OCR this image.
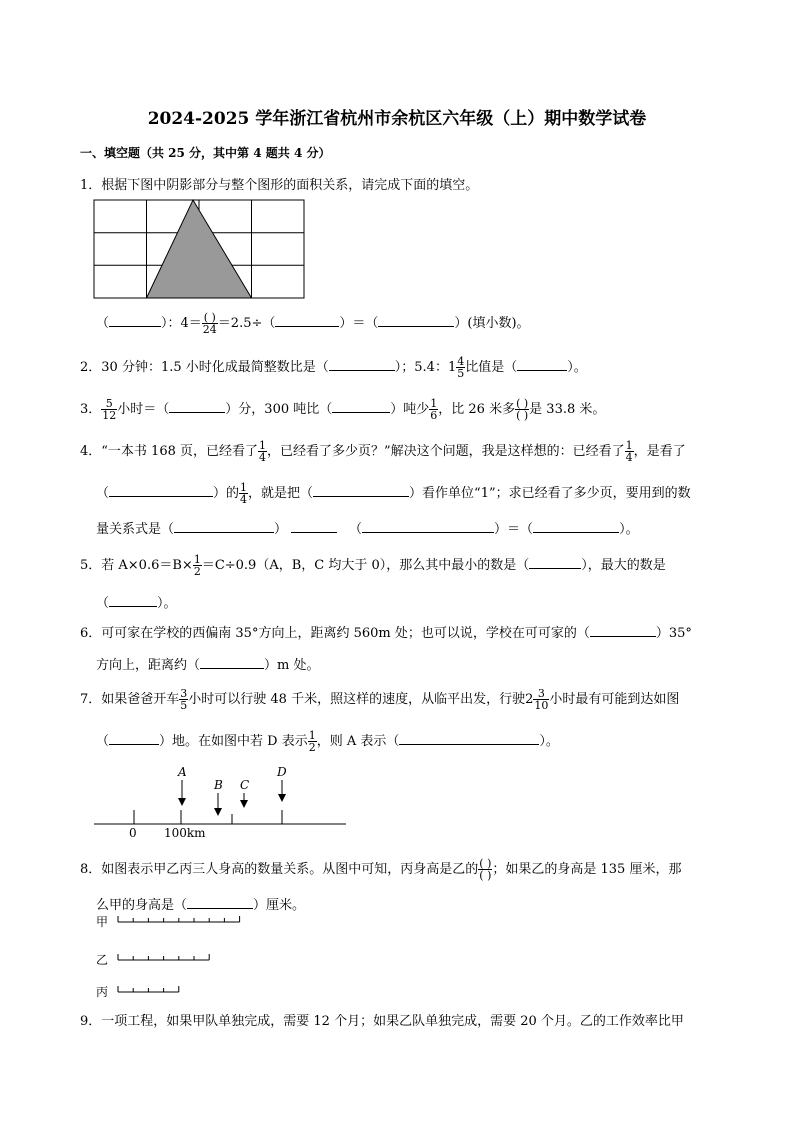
2024-2025 学年浙江省杭州市余杭区六年级（上）期中数学试卷
一、填空题（共 25 分，其中第 4 题共 4 分）
1．根据下图中阴影部分与整个图形的面积关系，请完成下面的填空。
（	）：4＝ ( )
24 ＝2.5÷（	）＝（	）(填小数)。
2．30 分钟：1.5 小时化成最简整数比是（	）；5.4：$1 \frac{4}{5}$ 比值是（	）。
3． $\frac{5}{12}$ 小时＝（	）分，300 吨比（	）吨少 $\frac{1}{6}$ ，比 26 米多 ( )
( ) 是 33.8 米。
4．“一本书 168 页，已经看了 $\frac{1}{4}$ ，已经看了多少页？”解决这个问题，我是这样想的：已经看了 $\frac{1}{4}$ ，是看了
（	）的 $\frac{1}{4}$ ，就是把（	）看作单位“1”；求已经看了多少页，要用到的数
量关系式是（	）	（	）＝（	）。
5．若 $A\times 0.6=B\times \frac{1}{2} =C\div 0.9(A$，B，C 均大于 0），那么其中最小的数是（	），最大的数是
（	）。
6．可可家在学校的西偏南 35°方向上，距离约 560m 处；也可以说，学校在可可家的（	）35°
方向上，距离约（	）m 处。
7．如果爸爸开车 $\frac{3}{5}$ 小时可以行驶 48 千米，照这样的速度，从临平出发，行驶$2 \frac{3}{10}$ 小时最有可能到达如图
（	）地。在如图中若 D 表示 $\frac{1}{2}$ ，则 A 表示（	）。
0 100km
A
B C
D
8．如图表示甲乙丙三人身高的数量关系。从图中可知，丙身高是乙的 ( )
( ) ；如果乙的身高是 135 厘米，那
么甲的身高是（	）厘米。
甲
乙
丙
9．一项工程，如果甲队单独完成，需要 12 个月；如果乙队单独完成，需要 20 个月。乙的工作效率比甲
